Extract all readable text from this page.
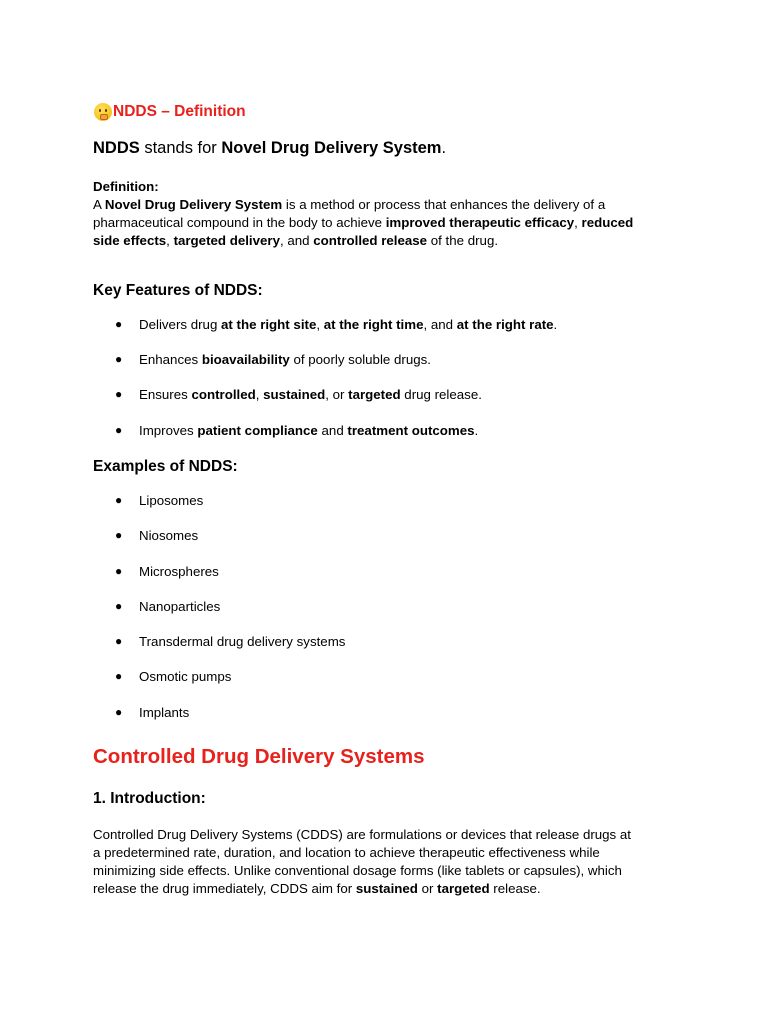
NDDS – Definition
NDDS stands for Novel Drug Delivery System.
Definition:
A Novel Drug Delivery System is a method or process that enhances the delivery of a
pharmaceutical compound in the body to achieve improved therapeutic efficacy, reduced
side effects, targeted delivery, and controlled release of the drug.
Key Features of NDDS:
● Delivers drug at the right site, at the right time, and at the right rate.
● Enhances bioavailability of poorly soluble drugs.
● Ensures controlled, sustained, or targeted drug release.
● Improves patient compliance and treatment outcomes.
Examples of NDDS:
● Liposomes
● Niosomes
● Microspheres
● Nanoparticles
● Transdermal drug delivery systems
● Osmotic pumps
● Implants
Controlled Drug Delivery Systems
1. Introduction:
Controlled Drug Delivery Systems (CDDS) are formulations or devices that release drugs at
a predetermined rate, duration, and location to achieve therapeutic effectiveness while
minimizing side effects. Unlike conventional dosage forms (like tablets or capsules), which
release the drug immediately, CDDS aim for sustained or targeted release.
